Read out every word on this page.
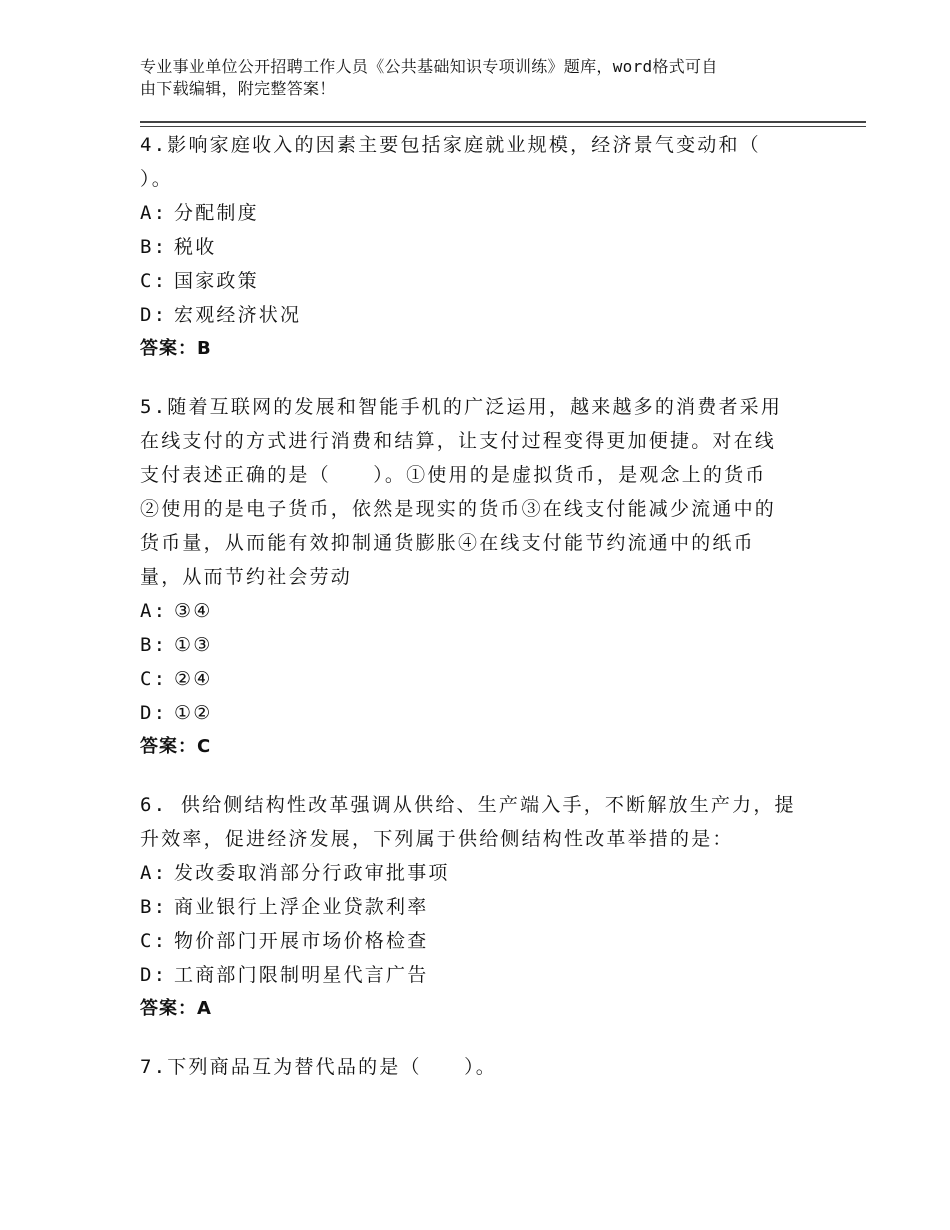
专业事业单位公开招聘工作人员《公共基础知识专项训练》题库，word格式可自
由下载编辑，附完整答案！
4.影响家庭收入的因素主要包括家庭就业规模，经济景气变动和（
）。
A: 分配制度
B: 税收
C: 国家政策
D: 宏观经济状况
答案：B
5.随着互联网的发展和智能手机的广泛运用，越来越多的消费者采用
在线支付的方式进行消费和结算，让支付过程变得更加便捷。对在线
支付表述正确的是（　　）。①使用的是虚拟货币，是观念上的货币
②使用的是电子货币，依然是现实的货币③在线支付能减少流通中的
货币量，从而能有效抑制通货膨胀④在线支付能节约流通中的纸币
量，从而节约社会劳动
A: ③④
B: ①③
C: ②④
D: ①②
答案：C
6. 供给侧结构性改革强调从供给、生产端入手，不断解放生产力，提
升效率，促进经济发展，下列属于供给侧结构性改革举措的是：
A: 发改委取消部分行政审批事项
B: 商业银行上浮企业贷款利率
C: 物价部门开展市场价格检查
D: 工商部门限制明星代言广告
答案：A
7.下列商品互为替代品的是（　　）。
